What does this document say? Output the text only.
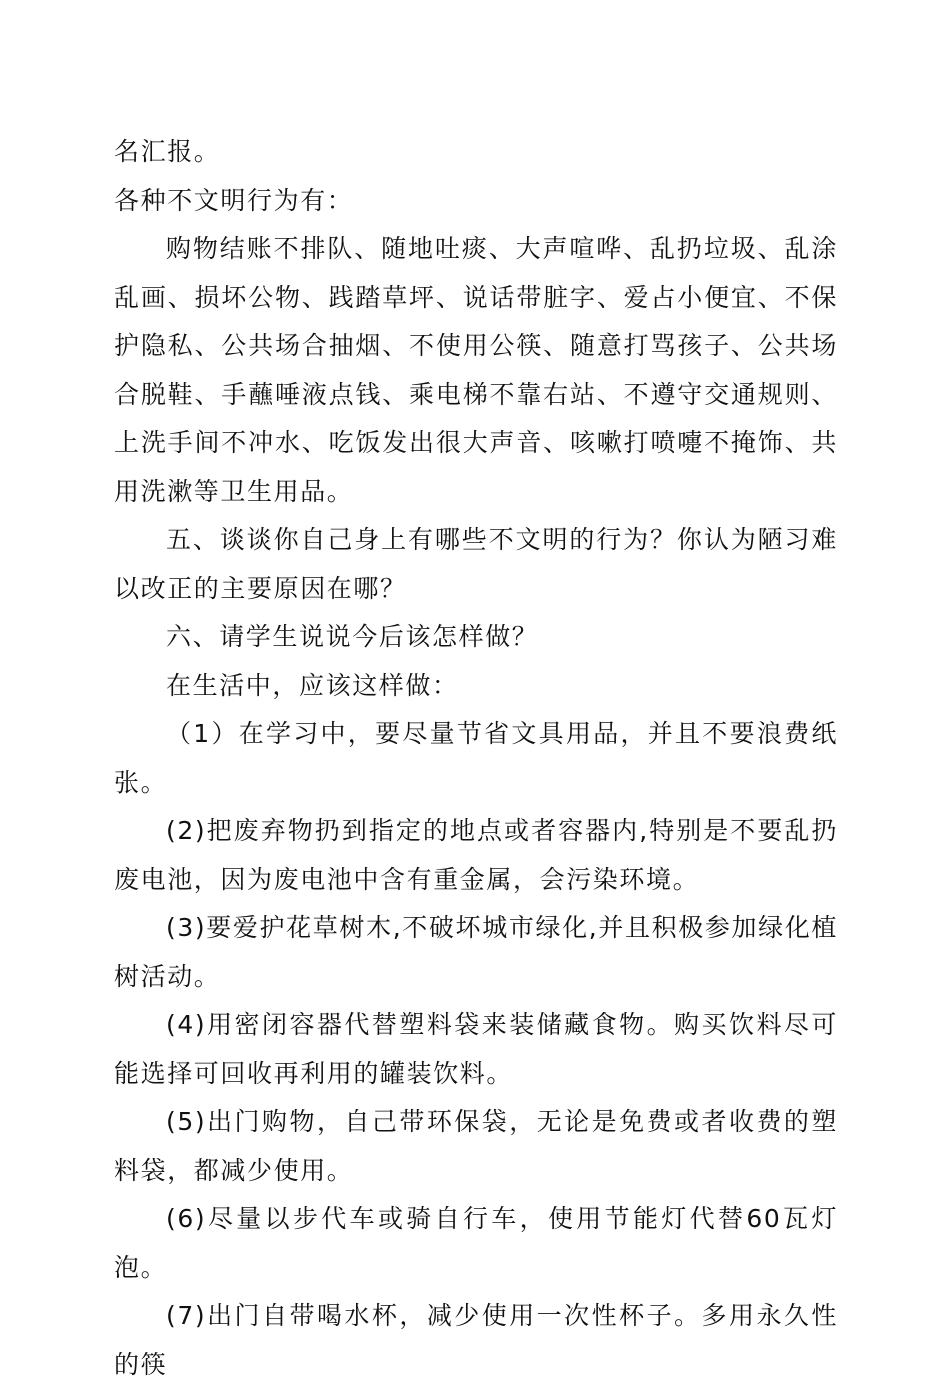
名汇报。

各种不文明行为有：

购物结账不排队、随地吐痰、大声喧哗、乱扔垃圾、乱涂乱画、损坏公物、践踏草坪、说话带脏字、爱占小便宜、不保护隐私、公共场合抽烟、不使用公筷、随意打骂孩子、公共场合脱鞋、手蘸唾液点钱、乘电梯不靠右站、不遵守交通规则、上洗手间不冲水、吃饭发出很大声音、咳嗽打喷嚏不掩饰、共用洗漱等卫生用品。

五、谈谈你自己身上有哪些不文明的行为？你认为陋习难以改正的主要原因在哪？

六、请学生说说今后该怎样做？

在生活中，应该这样做：

（1）在学习中，要尽量节省文具用品，并且不要浪费纸张。

(2)把废弃物扔到指定的地点或者容器内,特别是不要乱扔废电池，因为废电池中含有重金属，会污染环境。

(3)要爱护花草树木,不破坏城市绿化,并且积极参加绿化植树活动。

(4)用密闭容器代替塑料袋来装储藏食物。购买饮料尽可能选择可回收再利用的罐装饮料。

(5)出门购物，自己带环保袋，无论是免费或者收费的塑料袋，都减少使用。

(6)尽量以步代车或骑自行车，使用节能灯代替60瓦灯泡。

(7)出门自带喝水杯，减少使用一次性杯子。多用永久性的筷
